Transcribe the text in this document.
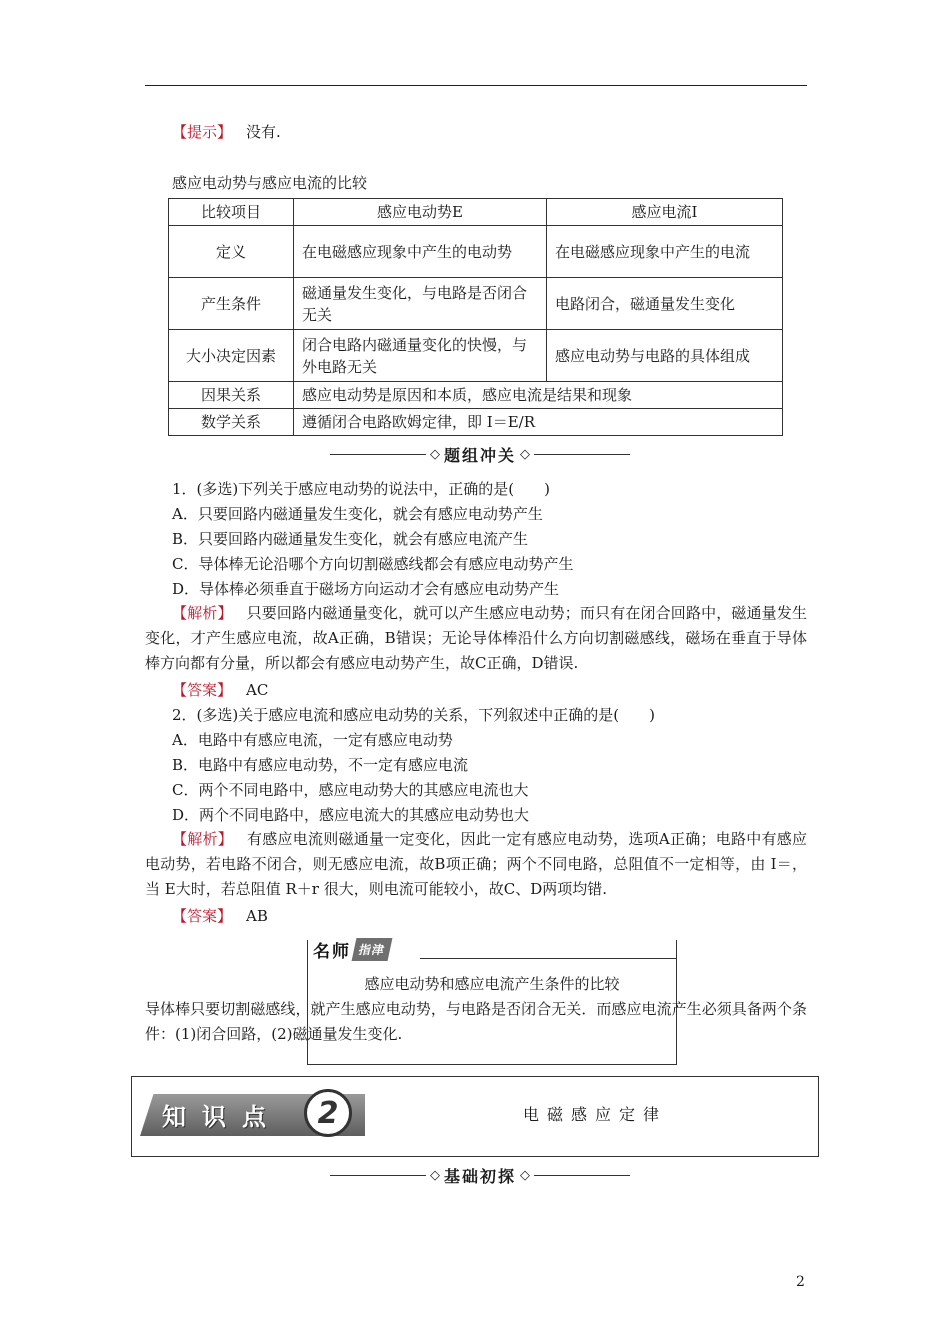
【提示】 没有.
感应电动势与感应电流的比较
比较项目	感应电动势E	感应电流I
定义	在电磁感应现象中产生的电动势	在电磁感应现象中产生的电流
产生条件	磁通量发生变化，与电路是否闭合无关	电路闭合，磁通量发生变化
大小决定因素	闭合电路内磁通量变化的快慢，与外电路无关	感应电动势与电路的具体组成
因果关系	感应电动势是原因和本质，感应电流是结果和现象	
数学关系	遵循闭合电路欧姆定律，即 I＝E/R	
◇ 题组冲关 ◇
1．(多选)下列关于感应电动势的说法中，正确的是(　　)
A．只要回路内磁通量发生变化，就会有感应电动势产生
B．只要回路内磁通量发生变化，就会有感应电流产生
C．导体棒无论沿哪个方向切割磁感线都会有感应电动势产生
D．导体棒必须垂直于磁场方向运动才会有感应电动势产生
【解析】 只要回路内磁通量变化，就可以产生感应电动势；而只有在闭合回路中，磁通量发生变化，才产生感应电流，故A正确，B错误；无论导体棒沿什么方向切割磁感线，磁场在垂直于导体棒方向都有分量，所以都会有感应电动势产生，故C正确，D错误.
【答案】 AC
2．(多选)关于感应电流和感应电动势的关系，下列叙述中正确的是(　　)
A．电路中有感应电流，一定有感应电动势
B．电路中有感应电动势，不一定有感应电流
C．两个不同电路中，感应电动势大的其感应电流也大
D．两个不同电路中，感应电流大的其感应电动势也大
【解析】 有感应电流则磁通量一定变化，因此一定有感应电动势，选项A正确；电路中有感应电动势，若电路不闭合，则无感应电流，故B项正确；两个不同电路，总阻值不一定相等，由 I＝，当 E大时，若总阻值 R＋r 很大，则电流可能较小，故C、D两项均错.
【答案】 AB
名师 指津
感应电动势和感应电流产生条件的比较
导体棒只要切割磁感线，就产生感应电动势，与电路是否闭合无关．而感应电流产生必须具备两个条件：(1)闭合回路，(2)磁通量发生变化.
知识点	2	电磁感应定律
◇ 基础初探 ◇
2
